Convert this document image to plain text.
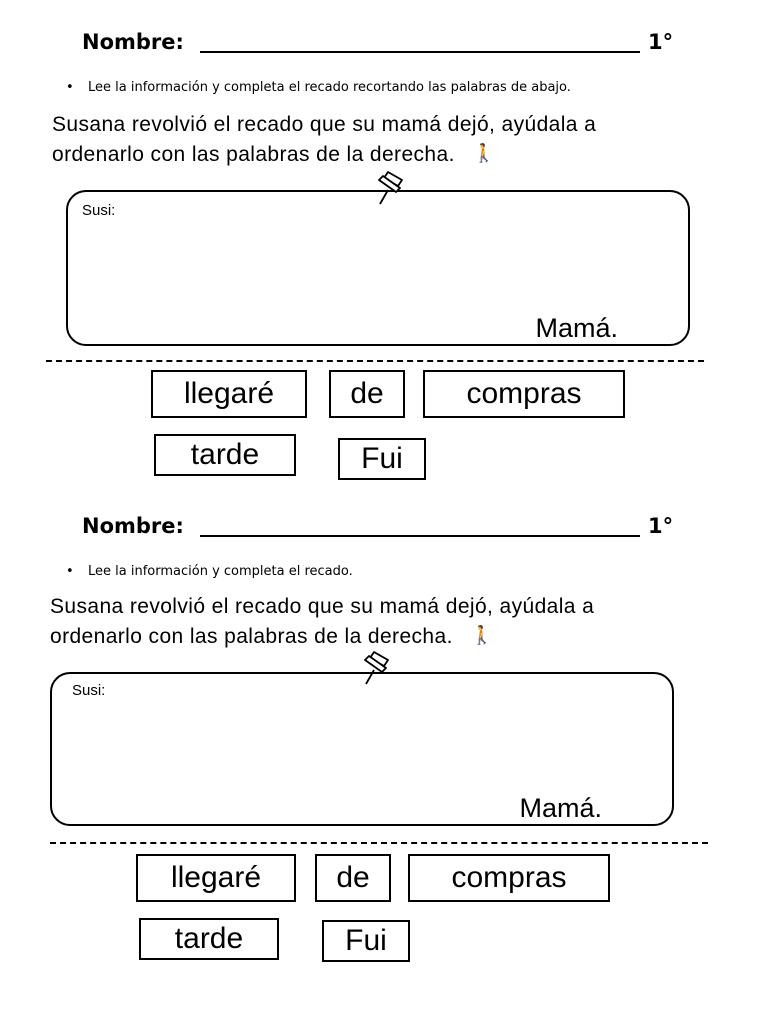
Nombre:	1°
• Lee la información y completa el recado recortando las palabras de abajo.
Susana revolvió el recado que su mamá dejó, ayúdala a
ordenarlo con las palabras de la derecha. 🚶
Susi:
Mamá.
llegaré	de	compras
tarde	Fui
Nombre:	1°
• Lee la información y completa el recado.
Susana revolvió el recado que su mamá dejó, ayúdala a
ordenarlo con las palabras de la derecha. 🚶
Susi:
Mamá.
llegaré	de	compras
tarde	Fui
